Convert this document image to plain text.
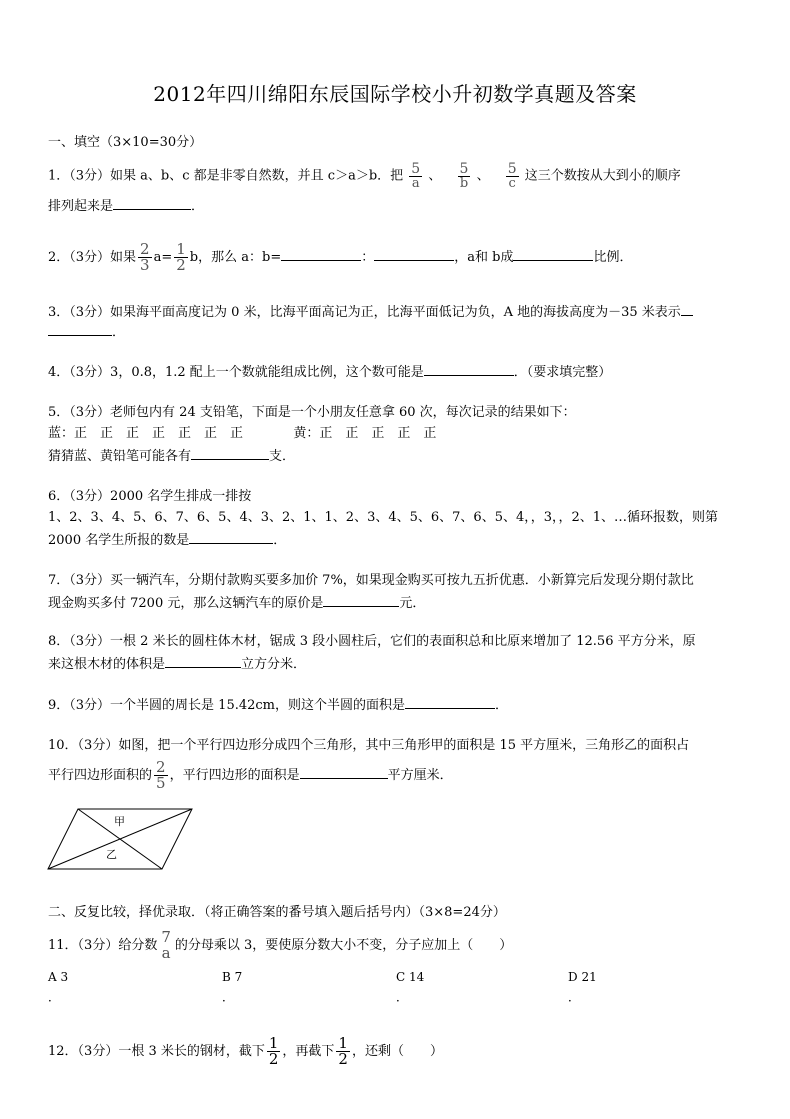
2012年四川绵阳东辰国际学校小升初数学真题及答案
一、填空（3×10=30分）
1．（3分）如果 a、b、c 都是非零自然数，并且 c＞a＞b．把 $\frac{5}{a}$ 、 $\frac{5}{b}$ 、 $\frac{5}{c}$ 这三个数按从大到小的顺序
排列起来是	．
2．（3分）如果 $\frac{2}{3} a= \frac{1}{2}$ b，那么 a：b=	：	，a和 b成	比例．
3．（3分）如果海平面高度记为 0 米，比海平面高记为正，比海平面低记为负，A 地的海拔高度为－35 米表示
．
4．（3分）3，0.8，1.2 配上一个数就能组成比例，这个数可能是	．（要求填完整）
5．（3分）老师包内有 24 支铅笔，下面是一个小朋友任意拿 60 次，每次记录的结果如下：
蓝：正　正　正　正　正　正　正	黄：正　正　正　正　正
猜猜蓝、黄铅笔可能各有	支．
6．（3分）2000 名学生排成一排按
1、2、3、4、5、6、7、6、5、4、3、2、1、1、2、3、4、5、6、7、6、5、4，，3，，2、1、…循环报数，则第
2000 名学生所报的数是	．
7．（3分）买一辆汽车，分期付款购买要多加价 7%，如果现金购买可按九五折优惠．小新算完后发现分期付款比
现金购买多付 7200 元，那么这辆汽车的原价是	元．
8．（3分）一根 2 米长的圆柱体木材，锯成 3 段小圆柱后，它们的表面积总和比原来增加了 12.56 平方分米，原
来这根木材的体积是	立方分米．
9．（3分）一个半圆的周长是 15.42cm，则这个半圆的面积是	．
10．（3分）如图，把一个平行四边形分成四个三角形，其中三角形甲的面积是 15 平方厘米，三角形乙的面积占
平行四边形面积的 $\frac{2}{5}$ ，平行四边形的面积是	平方厘米．
甲
乙
二、反复比较，择优录取．（将正确答案的番号填入题后括号内）（3×8=24分）
11．（3分）给分数 7
a 的分母乘以 3，要使原分数大小不变，分子应加上（　　）
A 3
．
B 7
．
C 14
．
D 21
．
12．（3分）一根 3 米长的钢材，截下 $\frac{1}{2}$ ，再截下 $\frac{1}{2}$ ，还剩（　　）
